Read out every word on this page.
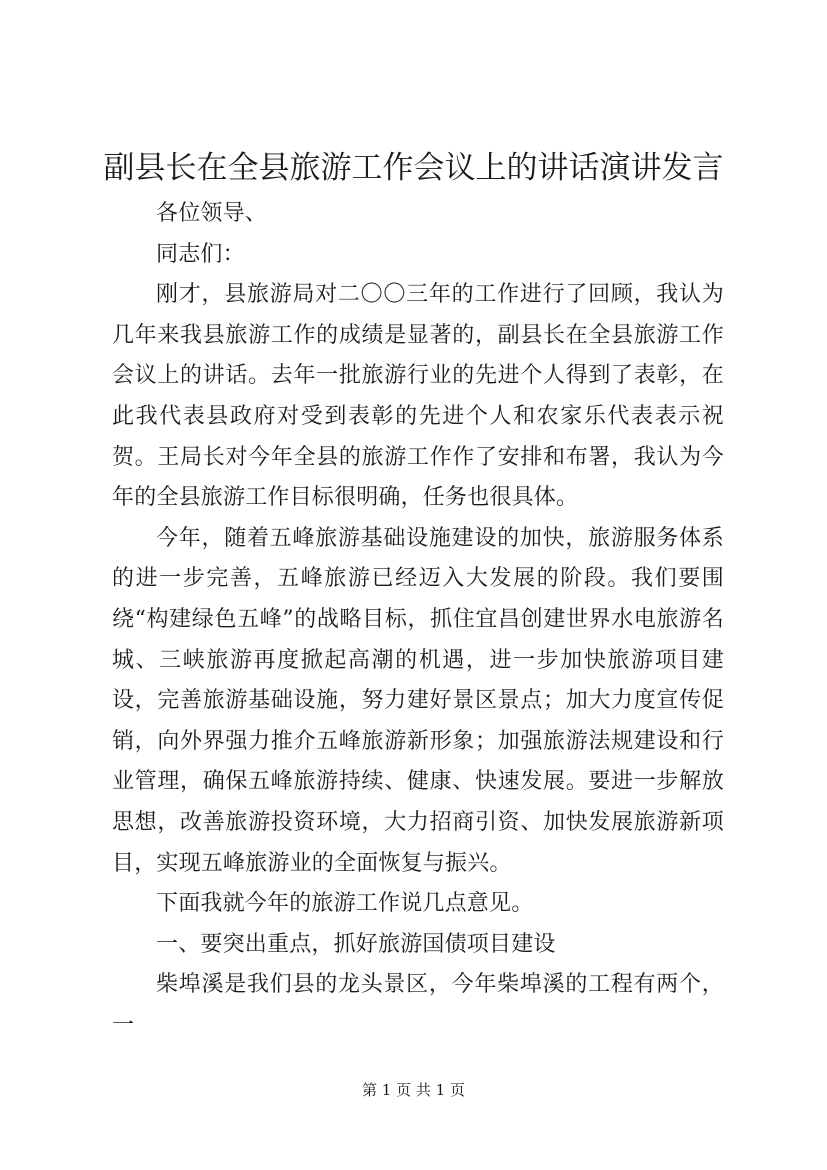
副县长在全县旅游工作会议上的讲话演讲发言

各位领导、

同志们：

刚才，县旅游局对二〇〇三年的工作进行了回顾，我认为几年来我县旅游工作的成绩是显著的，副县长在全县旅游工作会议上的讲话。去年一批旅游行业的先进个人得到了表彰，在此我代表县政府对受到表彰的先进个人和农家乐代表表示祝贺。王局长对今年全县的旅游工作作了安排和布署，我认为今年的全县旅游工作目标很明确，任务也很具体。

今年，随着五峰旅游基础设施建设的加快，旅游服务体系的进一步完善，五峰旅游已经迈入大发展的阶段。我们要围绕“构建绿色五峰”的战略目标，抓住宜昌创建世界水电旅游名城、三峡旅游再度掀起高潮的机遇，进一步加快旅游项目建设，完善旅游基础设施，努力建好景区景点；加大力度宣传促销，向外界强力推介五峰旅游新形象；加强旅游法规建设和行业管理，确保五峰旅游持续、健康、快速发展。要进一步解放思想，改善旅游投资环境，大力招商引资、加快发展旅游新项目，实现五峰旅游业的全面恢复与振兴。

下面我就今年的旅游工作说几点意见。

一、要突出重点，抓好旅游国债项目建设

柴埠溪是我们县的龙头景区，今年柴埠溪的工程有两个，一

第 1 页 共 1 页
